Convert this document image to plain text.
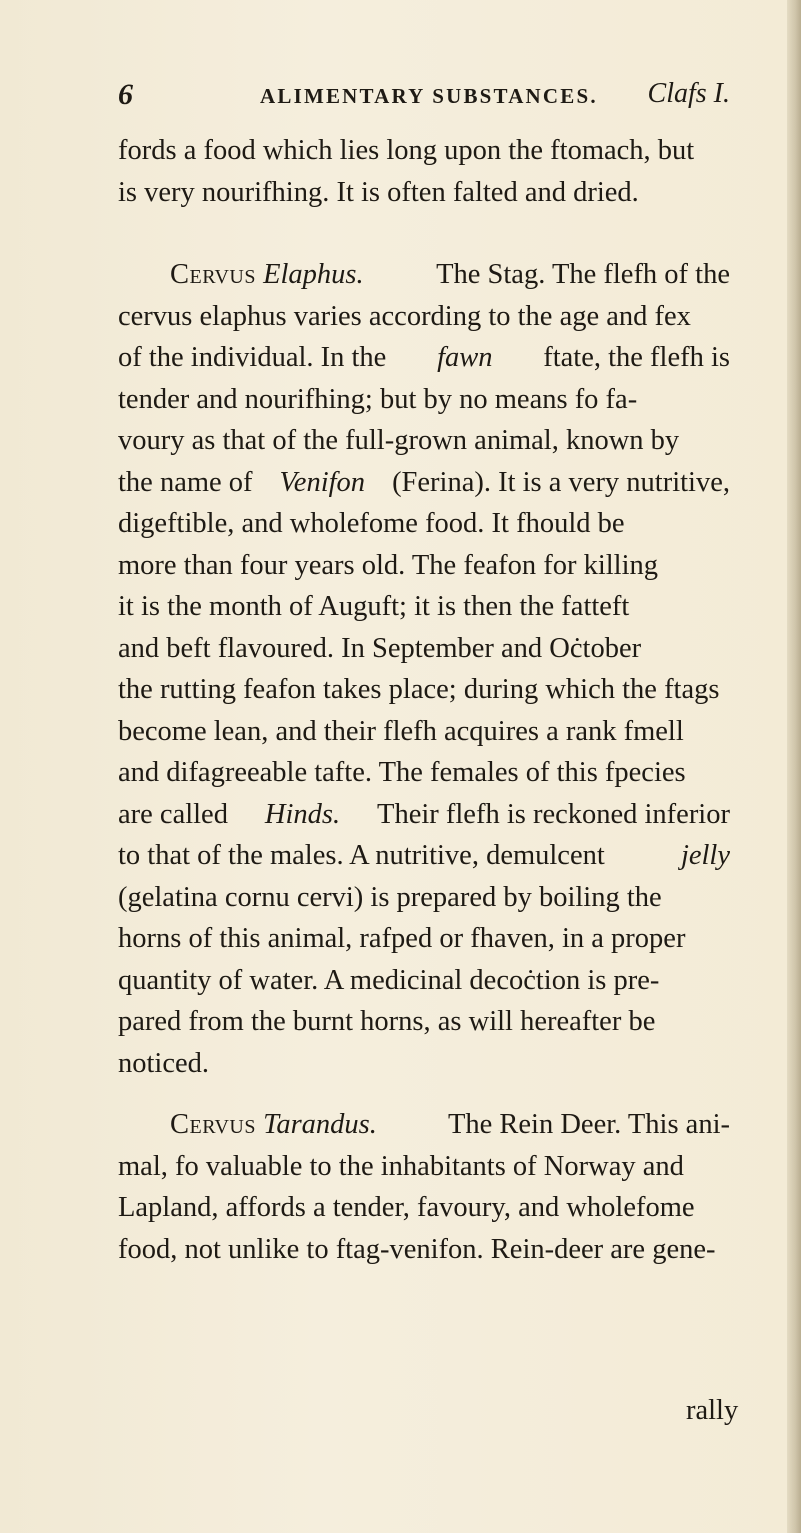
6	ALIMENTARY SUBSTANCES. Clafs I.

fords a food which lies long upon the ftomach, but
is very nourifhing. It is often falted and dried.

Cervus Elaphus.	The Stag. The flefh of the
cervus elaphus varies according to the age and fex
of the individual. In the fawn ftate, the flefh is
tender and nourifhing; but by no means fo fa-
voury as that of the full-grown animal, known by
the name of Venifon (Ferina). It is a very nutritive,
digeftible, and wholefome food. It fhould be
more than four years old. The feafon for killing
it is the month of Auguft; it is then the fatteft
and beft flavoured. In September and Oċtober
the rutting feafon takes place; during which the ftags
become lean, and their flefh acquires a rank fmell
and difagreeable tafte. The females of this fpecies
are called Hinds. Their flefh is reckoned inferior
to that of the males. A nutritive, demulcent	jelly
(gelatina cornu cervi) is prepared by boiling the
horns of this animal, rafped or fhaven, in a proper
quantity of water. A medicinal decoċtion is pre-
pared from the burnt horns, as will hereafter be
noticed.

Cervus Tarandus. The Rein Deer. This ani-
mal, fo valuable to the inhabitants of Norway and
Lapland, affords a tender, favoury, and wholefome
food, not unlike to ftag-venifon. Rein-deer are gene-

rally
